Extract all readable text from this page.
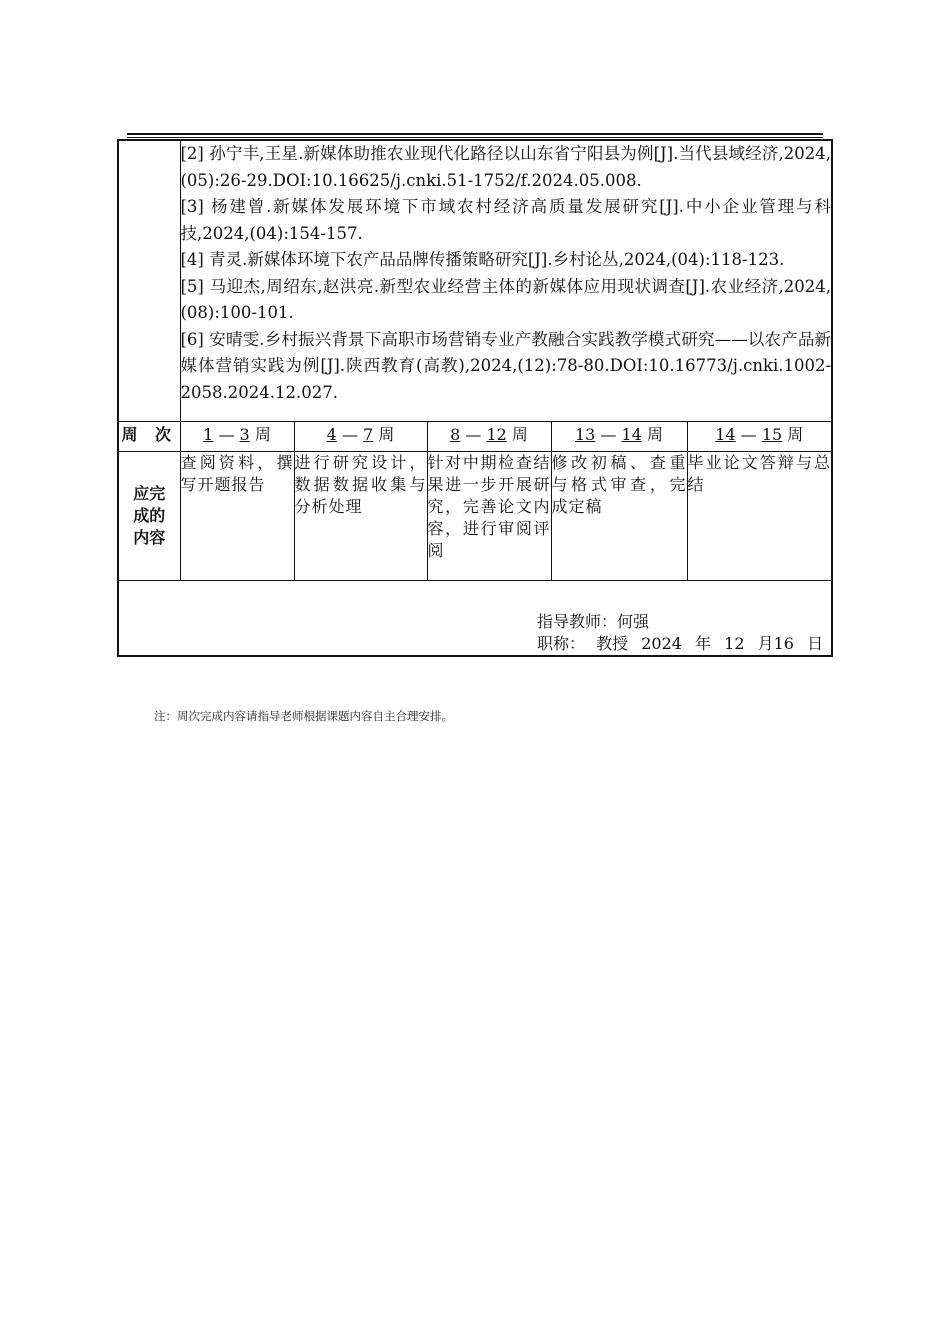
	[2] 孙宁丰,王星.新媒体助推农业现代化路径以山东省宁阳县为例[J].当代县域经济,2024,(05):26-29.DOI:10.16625/j.cnki.51-1752/f.2024.05.008.

[3] 杨建曾.新媒体发展环境下市域农村经济高质量发展研究[J].中小企业管理与科技,2024,(04):154-157.

[4] 青灵.新媒体环境下农产品品牌传播策略研究[J].乡村论丛,2024,(04):118-123.

[5] 马迎杰,周绍东,赵洪亮.新型农业经营主体的新媒体应用现状调查[J].农业经济,2024,(08):100-101.

[6] 安晴雯.乡村振兴背景下高职市场营销专业产教融合实践教学模式研究——以农产品新媒体营销实践为例[J].陕西教育(高教),2024,(12):78-80.DOI:10.16773/j.cnki.1002-2058.2024.12.027.				

周 次	1 — 3 周	4 — 7 周	8 — 12 周	13 — 14 周	14 — 15 周

应完成的内容	查阅资料，撰写开题报告	进行研究设计，数据数据收集与分析处理	针对中期检查结果进一步开展研究，完善论文内容，进行审阅评阅	修改初稿、查重与格式审查，完成定稿	毕业论文答辩与总结

指导教师：何强
职称： 教授 2024 年 12 月16 日					
注：周次完成内容请指导老师根据课题内容自主合理安排。
